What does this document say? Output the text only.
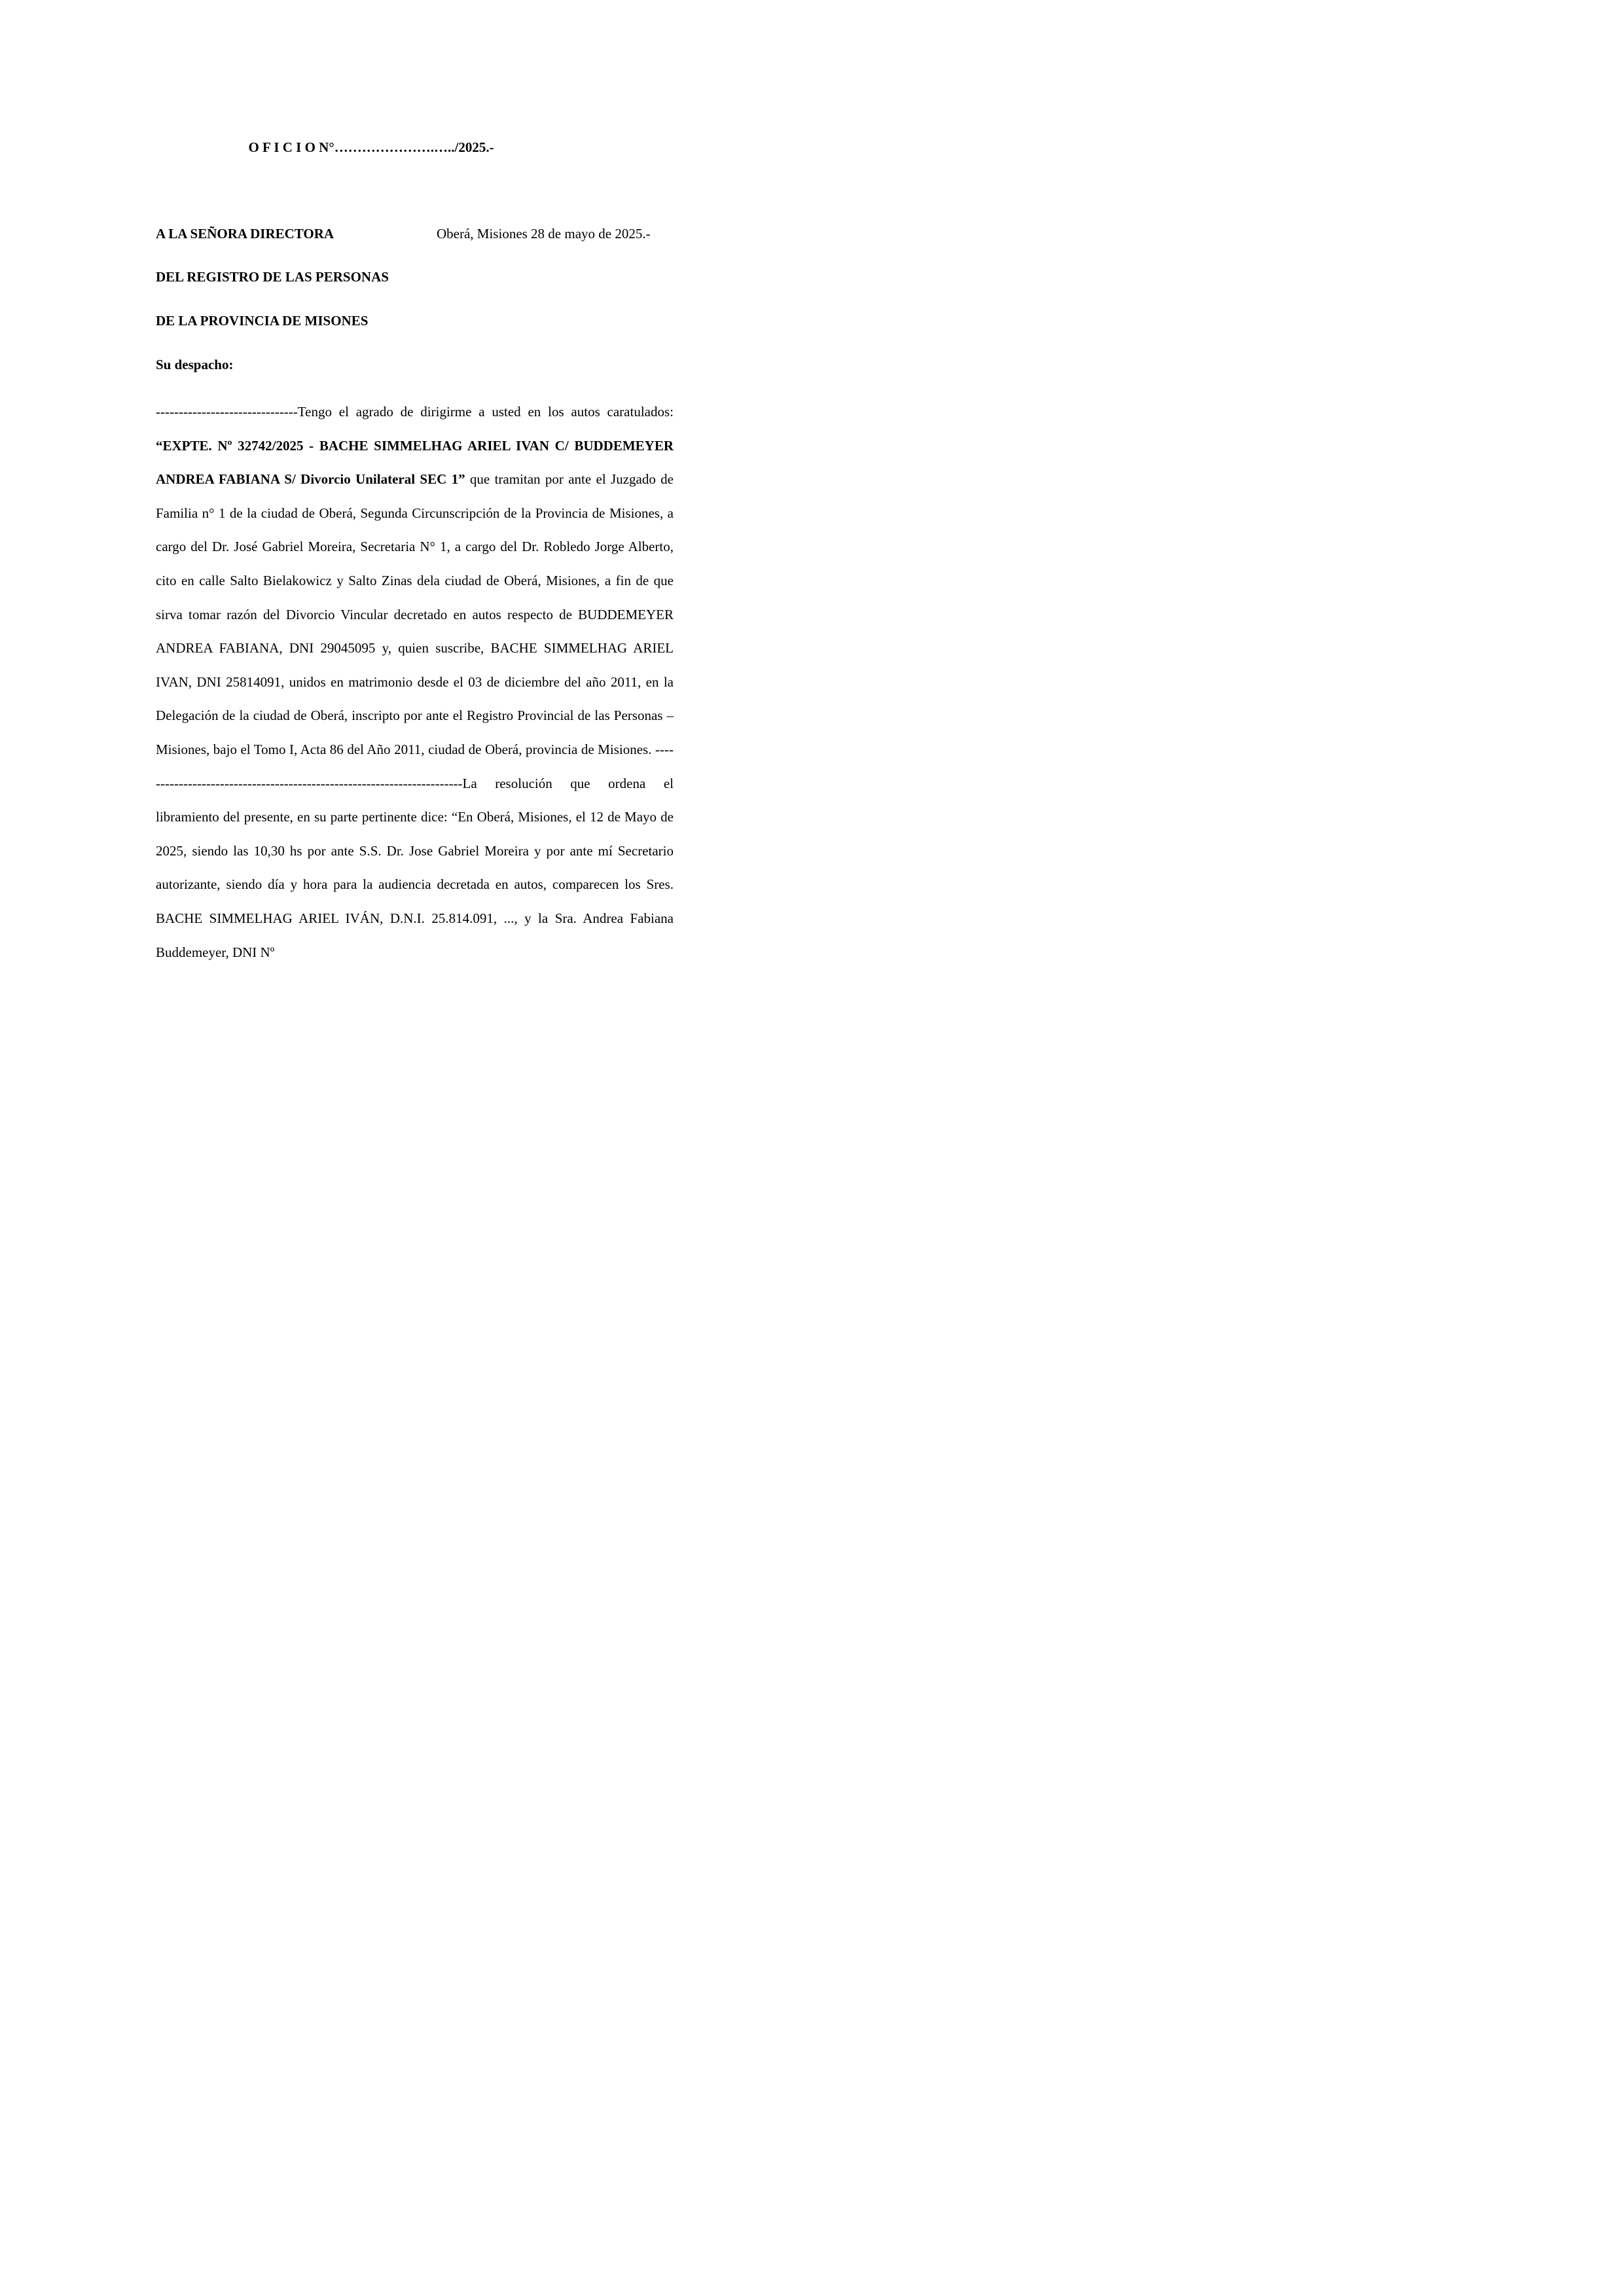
O F I C I O N°………………….…../2025.-
A LA SEÑORA DIRECTORA	Oberá, Misiones 28 de mayo de 2025.-
DEL REGISTRO DE LAS PERSONAS
DE LA PROVINCIA DE MISONES
Su despacho:

-------------------------------Tengo el agrado de dirigirme a usted en los autos caratulados: “EXPTE. Nº 32742/2025 - BACHE SIMMELHAG ARIEL IVAN C/ BUDDEMEYER ANDREA FABIANA S/ Divorcio Unilateral SEC 1” que tramitan por ante el Juzgado de Familia n° 1 de la ciudad de Oberá, Segunda Circunscripción de la Provincia de Misiones, a cargo del Dr. José Gabriel Moreira, Secretaria N° 1, a cargo del Dr. Robledo Jorge Alberto, cito en calle Salto Bielakowicz y Salto Zinas dela ciudad de Oberá, Misiones, a fin de que sirva tomar razón del Divorcio Vincular decretado en autos respecto de BUDDEMEYER ANDREA FABIANA, DNI 29045095 y, quien suscribe, BACHE SIMMELHAG ARIEL IVAN, DNI 25814091, unidos en matrimonio desde el 03 de diciembre del año 2011, en la Delegación de la ciudad de Oberá, inscripto por ante el Registro Provincial de las Personas – Misiones, bajo el Tomo I, Acta 86 del Año 2011, ciudad de Oberá, provincia de Misiones. -----------------------------------------------------------------------La resolución que ordena el libramiento del presente, en su parte pertinente dice: “En Oberá, Misiones, el 12 de Mayo de 2025, siendo las 10,30 hs por ante S.S. Dr. Jose Gabriel Moreira y por ante mí Secretario autorizante, siendo día y hora para la audiencia decretada en autos, comparecen los Sres. BACHE SIMMELHAG ARIEL IVÁN, D.N.I. 25.814.091, ..., y la Sra. Andrea Fabiana Buddemeyer, DNI Nº
